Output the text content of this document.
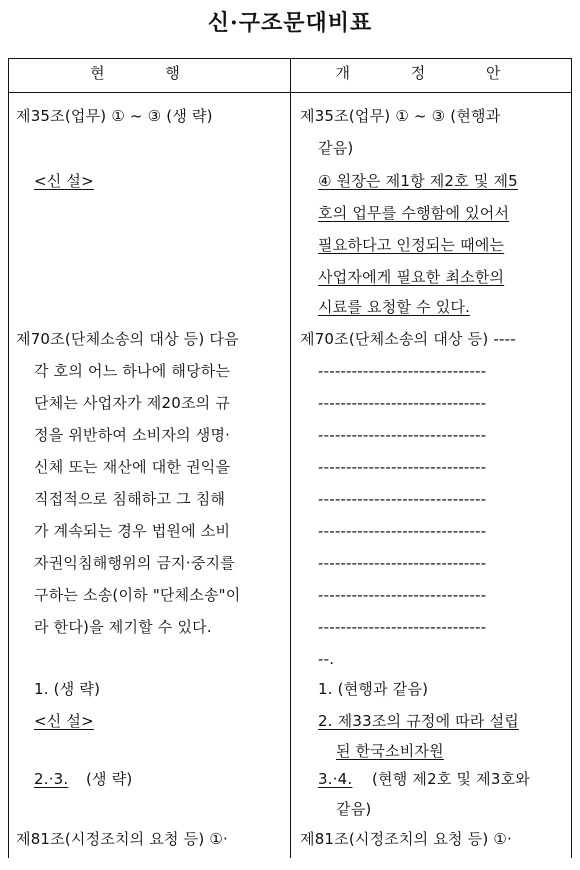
신·구조문대비표
현 행	개 정 안
제35조(업무) ① ~ ③ (생 략)
<신 설>
제70조(단체소송의 대상 등) 다음
각 호의 어느 하나에 해당하는
단체는 사업자가 제20조의 규
정을 위반하여 소비자의 생명·
신체 또는 재산에 대한 권익을
직접적으로 침해하고 그 침해
가 계속되는 경우 법원에 소비
자권익침해행위의 금지·중지를
구하는 소송(이하 "단체소송"이
라 한다)을 제기할 수 있다.
1. (생 략)
<신 설>
2.·3. (생 략)
제81조(시정조치의 요청 등) ①·
제35조(업무) ① ~ ③ (현행과
같음)
④ 원장은 제1항 제2호 및 제5
호의 업무를 수행함에 있어서
필요하다고 인정되는 때에는
사업자에게 필요한 최소한의
시료를 요청할 수 있다.
제70조(단체소송의 대상 등) ----
------------------------------
------------------------------
------------------------------
------------------------------
------------------------------
------------------------------
------------------------------
------------------------------
------------------------------
--.
1. (현행과 같음)
2. 제33조의 규정에 따라 설립
된 한국소비자원
3.·4. (현행 제2호 및 제3호와
같음)
제81조(시정조치의 요청 등) ①·
